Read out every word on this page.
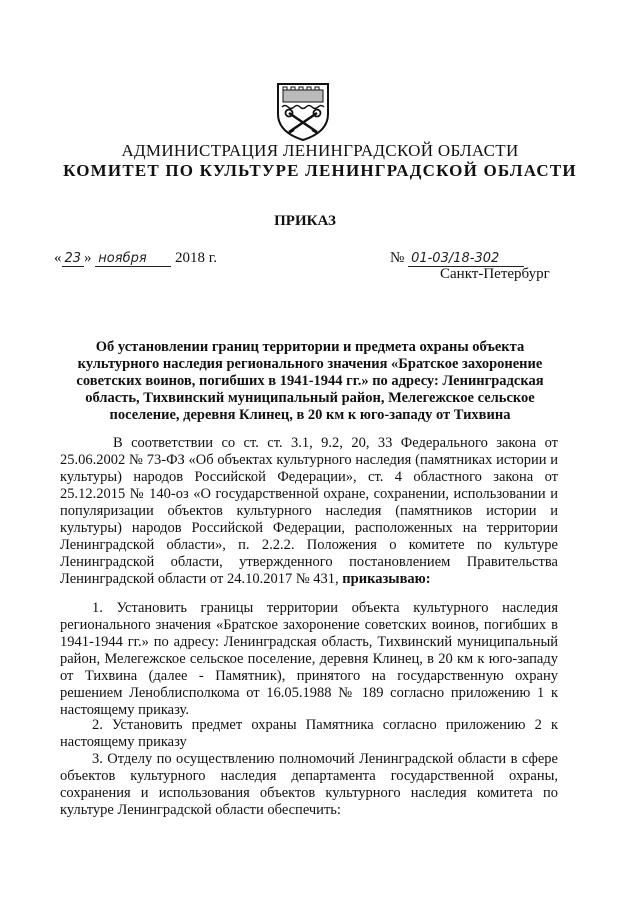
АДМИНИСТРАЦИЯ ЛЕНИНГРАДСКОЙ ОБЛАСТИ
КОМИТЕТ ПО КУЛЬТУРЕ ЛЕНИНГРАДСКОЙ ОБЛАСТИ
ПРИКАЗ
« 23 » ноября 2018 г.	№ 01-03/18-302
Санкт-Петербург
Об установлении границ территории и предмета охраны объекта культурного наследия регионального значения «Братское захоронение советских воинов, погибших в 1941-1944 гг.» по адресу: Ленинградская область, Тихвинский муниципальный район, Мелегежское сельское поселение, деревня Клинец, в 20 км к юго-западу от Тихвина
В соответствии со ст. ст. 3.1, 9.2, 20, 33 Федерального закона от 25.06.2002 № 73-ФЗ «Об объектах культурного наследия (памятниках истории и культуры) народов Российской Федерации», ст. 4 областного закона от 25.12.2015 № 140-оз «О государственной охране, сохранении, использовании и популяризации объектов культурного наследия (памятников истории и культуры) народов Российской Федерации, расположенных на территории Ленинградской области», п. 2.2.2. Положения о комитете по культуре Ленинградской области, утвержденного постановлением Правительства Ленинградской области от 24.10.2017 № 431, приказываю:
1. Установить границы территории объекта культурного наследия регионального значения «Братское захоронение советских воинов, погибших в 1941-1944 гг.» по адресу: Ленинградская область, Тихвинский муниципальный район, Мелегежское сельское поселение, деревня Клинец, в 20 км к юго-западу от Тихвина (далее - Памятник), принятого на государственную охрану решением Леноблисполкома от 16.05.1988 № 189 согласно приложению 1 к настоящему приказу.
2. Установить предмет охраны Памятника согласно приложению 2 к настоящему приказу
3. Отделу по осуществлению полномочий Ленинградской области в сфере объектов культурного наследия департамента государственной охраны, сохранения и использования объектов культурного наследия комитета по культуре Ленинградской области обеспечить:
